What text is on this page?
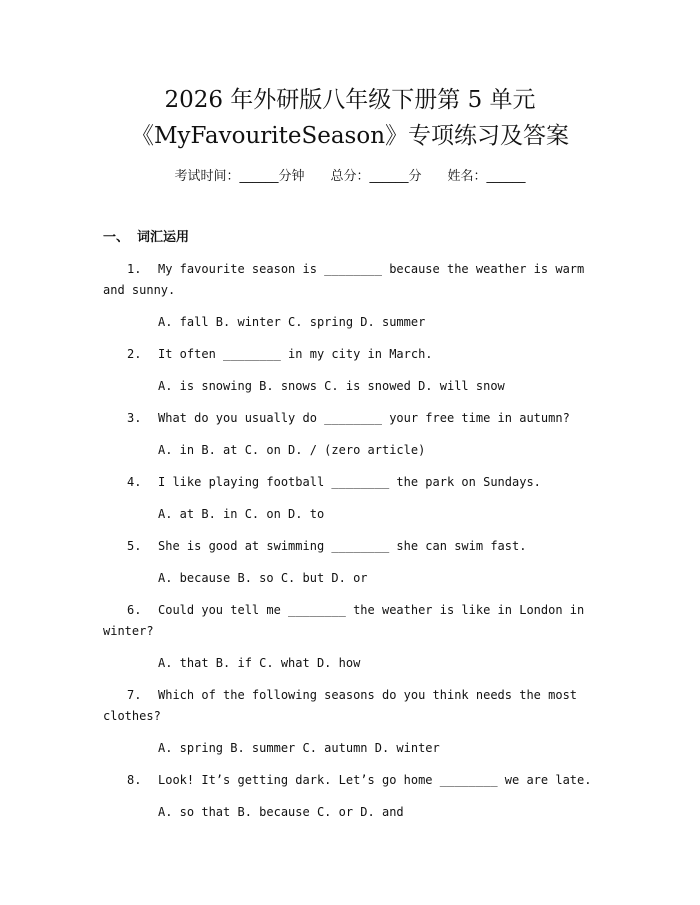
2026 年外研版八年级下册第 5 单元
《MyFavouriteSeason》专项练习及答案
考试时间：______分钟 总分：______分 姓名：______
一、 词汇运用
1. My favourite season is ________ because the weather is warm and sunny.
A. fall B. winter C. spring D. summer
2. It often ________ in my city in March.
A. is snowing B. snows C. is snowed D. will snow
3. What do you usually do ________ your free time in autumn?
A. in B. at C. on D. / (zero article)
4. I like playing football ________ the park on Sundays.
A. at B. in C. on D. to
5. She is good at swimming ________ she can swim fast.
A. because B. so C. but D. or
6. Could you tell me ________ the weather is like in London in winter?
A. that B. if C. what D. how
7. Which of the following seasons do you think needs the most clothes?
A. spring B. summer C. autumn D. winter
8. Look! It’s getting dark. Let’s go home ________ we are late.
A. so that B. because C. or D. and
